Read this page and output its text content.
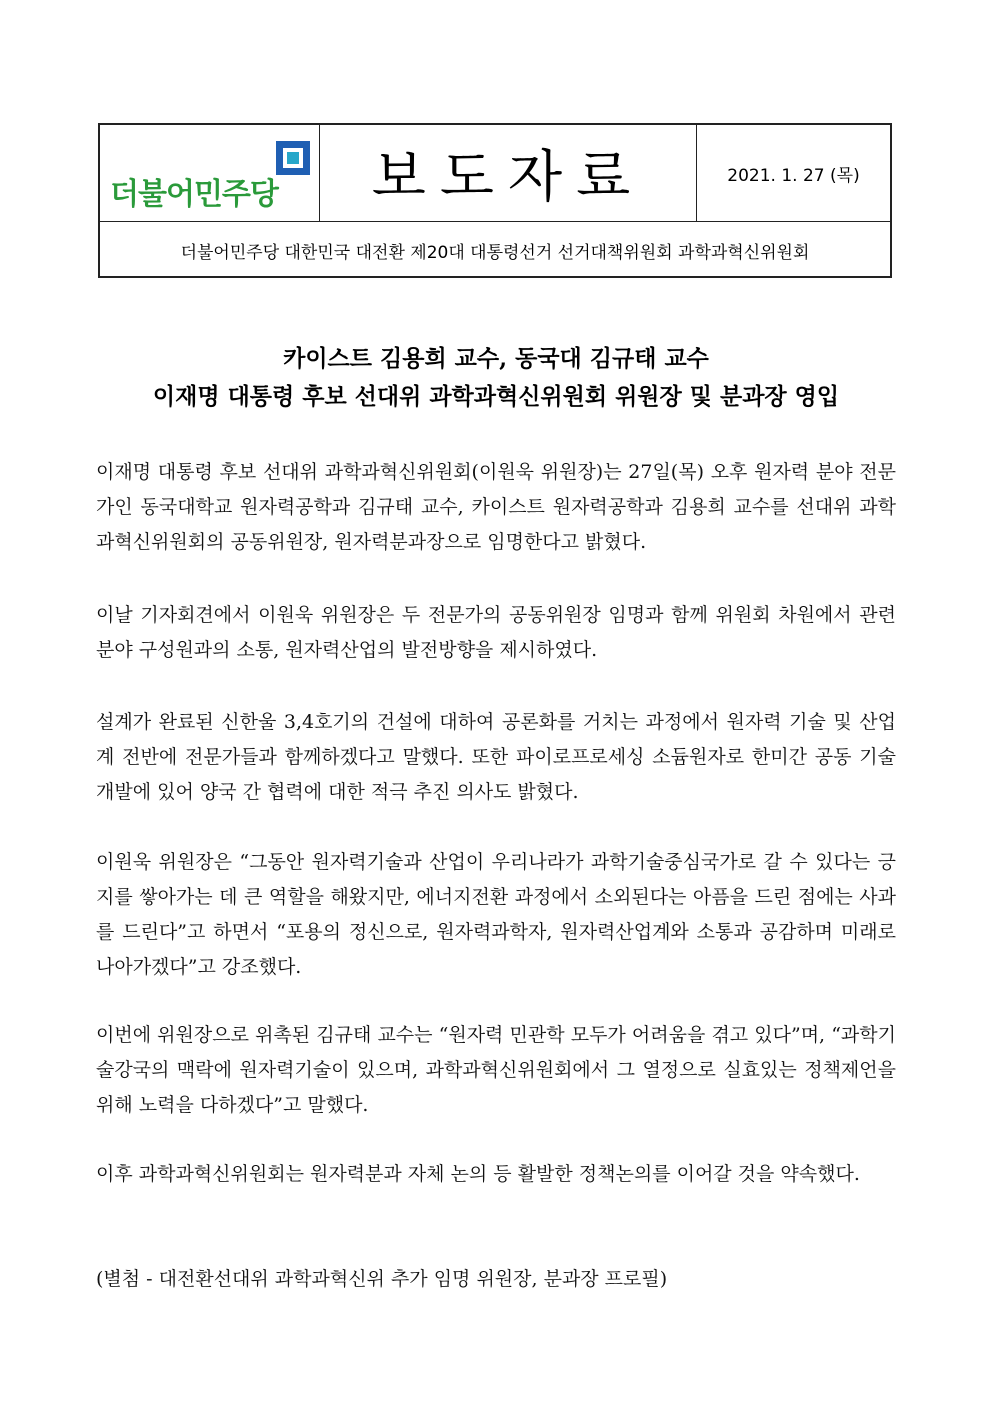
더불어민주당 보도자료	2021. 1. 27 (목)
더불어민주당 대한민국 대전환 제20대 대통령선거 선거대책위원회 과학과혁신위원회
카이스트 김용희 교수, 동국대 김규태 교수
이재명 대통령 후보 선대위 과학과혁신위원회 위원장 및 분과장 영입
이재명 대통령 후보 선대위 과학과혁신위원회(이원욱 위원장)는 27일(목) 오후 원자력 분야 전문가인 동국대학교 원자력공학과 김규태 교수, 카이스트 원자력공학과 김용희 교수를 선대위 과학과혁신위원회의 공동위원장, 원자력분과장으로 임명한다고 밝혔다.
이날 기자회견에서 이원욱 위원장은 두 전문가의 공동위원장 임명과 함께 위원회 차원에서 관련 분야 구성원과의 소통, 원자력산업의 발전방향을 제시하였다.
설계가 완료된 신한울 3,4호기의 건설에 대하여 공론화를 거치는 과정에서 원자력 기술 및 산업계 전반에 전문가들과 함께하겠다고 말했다. 또한 파이로프로세싱 소듐원자로 한미간 공동 기술개발에 있어 양국 간 협력에 대한 적극 추진 의사도 밝혔다.
이원욱 위원장은 “그동안 원자력기술과 산업이 우리나라가 과학기술중심국가로 갈 수 있다는 긍지를 쌓아가는 데 큰 역할을 해왔지만, 에너지전환 과정에서 소외된다는 아픔을 드린 점에는 사과를 드린다”고 하면서 “포용의 정신으로, 원자력과학자, 원자력산업계와 소통과 공감하며 미래로 나아가겠다”고 강조했다.
이번에 위원장으로 위촉된 김규태 교수는 “원자력 민관학 모두가 어려움을 겪고 있다”며, “과학기술강국의 맥락에 원자력기술이 있으며, 과학과혁신위원회에서 그 열정으로 실효있는 정책제언을 위해 노력을 다하겠다”고 말했다.
이후 과학과혁신위원회는 원자력분과 자체 논의 등 활발한 정책논의를 이어갈 것을 약속했다.
(별첨 - 대전환선대위 과학과혁신위 추가 임명 위원장, 분과장 프로필)
